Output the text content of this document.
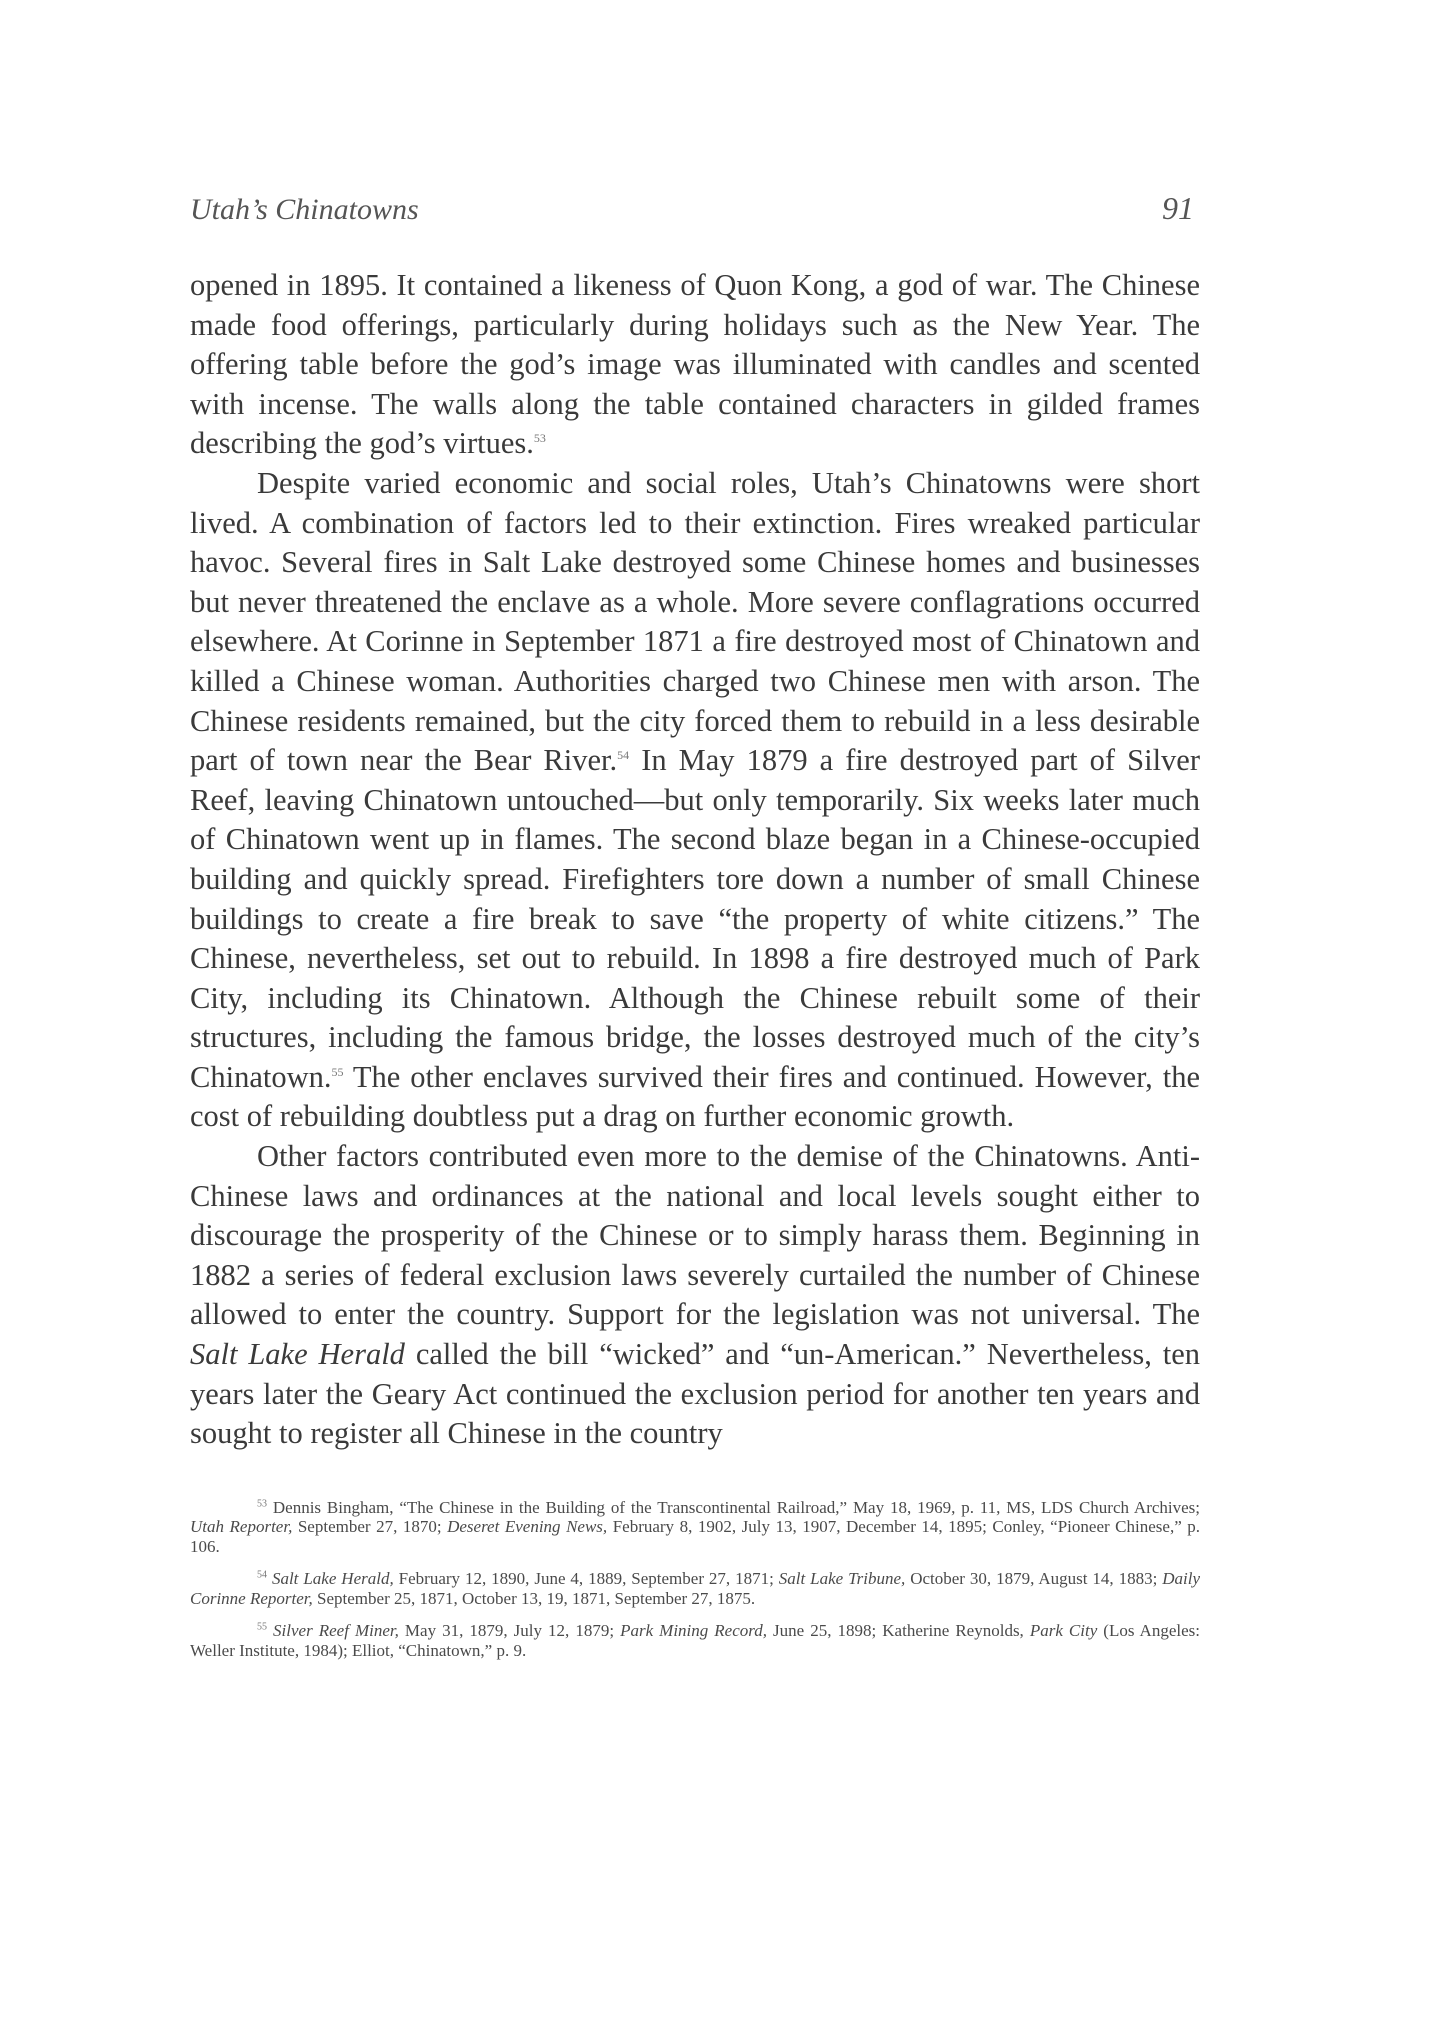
Utah’s Chinatowns	91

opened in 1895. It contained a likeness of Quon Kong, a god of war. The Chinese made food offerings, particularly during holidays such as the New Year. The offering table before the god’s image was illuminated with candles and scented with incense. The walls along the table contained characters in gilded frames describing the god’s virtues.$^{53}$

Despite varied economic and social roles, Utah’s Chinatowns were short lived. A combination of factors led to their extinction. Fires wreaked particular havoc. Several fires in Salt Lake destroyed some Chinese homes and businesses but never threatened the enclave as a whole. More severe conflagrations occurred elsewhere. At Corinne in September 1871 a fire destroyed most of Chinatown and killed a Chinese woman. Authorities charged two Chinese men with arson. The Chinese residents remained, but the city forced them to rebuild in a less desirable part of town near the Bear River.$^{54}$ In May 1879 a fire destroyed part of Silver Reef, leaving Chinatown untouched—but only temporarily. Six weeks later much of Chinatown went up in flames. The second blaze began in a Chinese-occupied building and quickly spread. Firefighters tore down a number of small Chinese buildings to create a fire break to save “the property of white citizens.” The Chinese, nevertheless, set out to rebuild. In 1898 a fire destroyed much of Park City, including its Chinatown. Although the Chinese rebuilt some of their structures, including the famous bridge, the losses destroyed much of the city’s Chinatown.$^{55}$ The other enclaves survived their fires and continued. However, the cost of rebuilding doubtless put a drag on further economic growth.

Other factors contributed even more to the demise of the Chinatowns. Anti-Chinese laws and ordinances at the national and local levels sought either to discourage the prosperity of the Chinese or to simply harass them. Beginning in 1882 a series of federal exclusion laws severely curtailed the number of Chinese allowed to enter the country. Support for the legislation was not universal. The Salt Lake Herald called the bill “wicked” and “un-American.” Nevertheless, ten years later the Geary Act continued the exclusion period for another ten years and sought to register all Chinese in the country

$^{53}$ Dennis Bingham, “The Chinese in the Building of the Transcontinental Railroad,” May 18, 1969, p. 11, MS, LDS Church Archives; Utah Reporter, September 27, 1870; Deseret Evening News, February 8, 1902, July 13, 1907, December 14, 1895; Conley, “Pioneer Chinese,” p. 106.

$^{54}$ Salt Lake Herald, February 12, 1890, June 4, 1889, September 27, 1871; Salt Lake Tribune, October 30, 1879, August 14, 1883; Daily Corinne Reporter, September 25, 1871, October 13, 19, 1871, September 27, 1875.

$^{55}$ Silver Reef Miner, May 31, 1879, July 12, 1879; Park Mining Record, June 25, 1898; Katherine Reynolds, Park City (Los Angeles: Weller Institute, 1984); Elliot, “Chinatown,” p. 9.
